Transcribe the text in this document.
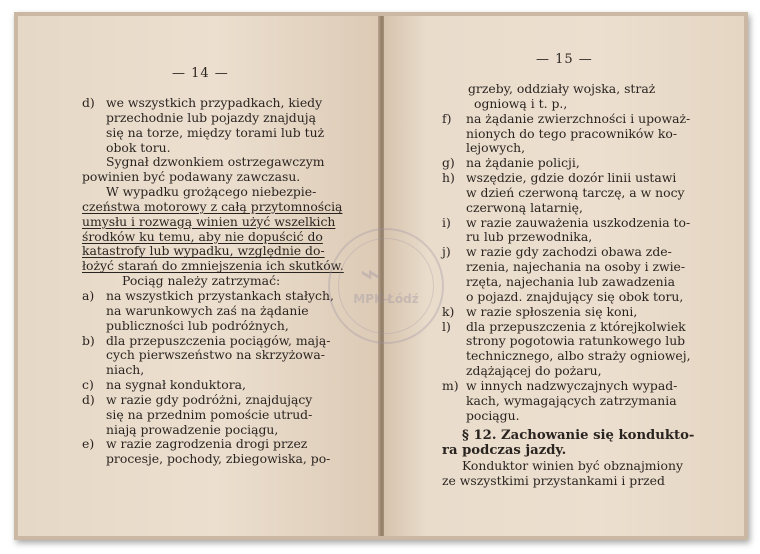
— 14 —
d) we wszystkich przypadkach, kiedy
przechodnie lub pojazdy znajdują
się na torze, między torami lub tuż
obok toru.
Sygnał dzwonkiem ostrzegawczym
powinien być podawany zawczasu.
W wypadku grożącego niebezpie-
czeństwa motorowy z całą przytomnością
umysłu i rozwagą winien użyć wszelkich
środków ku temu, aby nie dopuścić do
katastrofy lub wypadku, względnie do-
łożyć starań do zmniejszenia ich skutków.
Pociąg należy zatrzymać:
a) na wszystkich przystankach stałych,
na warunkowych zaś na żądanie
publiczności lub podróżnych,
b) dla przepuszczenia pociągów, mają-
cych pierwszeństwo na skrzyżowa-
niach,
c) na sygnał konduktora,
d) w razie gdy podróżni, znajdujący
się na przednim pomoście utrud-
niają prowadzenie pociągu,
e) w razie zagrodzenia drogi przez
procesje, pochody, zbiegowiska, po-
— 15 —
grzeby, oddziały wojska, straż
ogniową i t. p.,
f) na żądanie zwierzchności i upoważ-
nionych do tego pracowników ko-
lejowych,
g) na żądanie policji,
h) wszędzie, gdzie dozór linii ustawi
w dzień czerwoną tarczę, a w nocy
czerwoną latarnię,
i) w razie zauważenia uszkodzenia to-
ru lub przewodnika,
j) w razie gdy zachodzi obawa zde-
rzenia, najechania na osoby i zwie-
rzęta, najechania lub zawadzenia
o pojazd. znajdujący się obok toru,
k) w razie spłoszenia się koni,
l) dla przepuszczenia z którejkolwiek
strony pogotowia ratunkowego lub
technicznego, albo straży ogniowej,
zdążającej do pożaru,
m) w innych nadzwyczajnych wypad-
kach, wymagających zatrzymania
pociągu.
§ 12. Zachowanie się kondukto-
ra podczas jazdy.
Konduktor winien być obznajmiony
ze wszystkimi przystankami i przed
⌁
MPK-Łódź
